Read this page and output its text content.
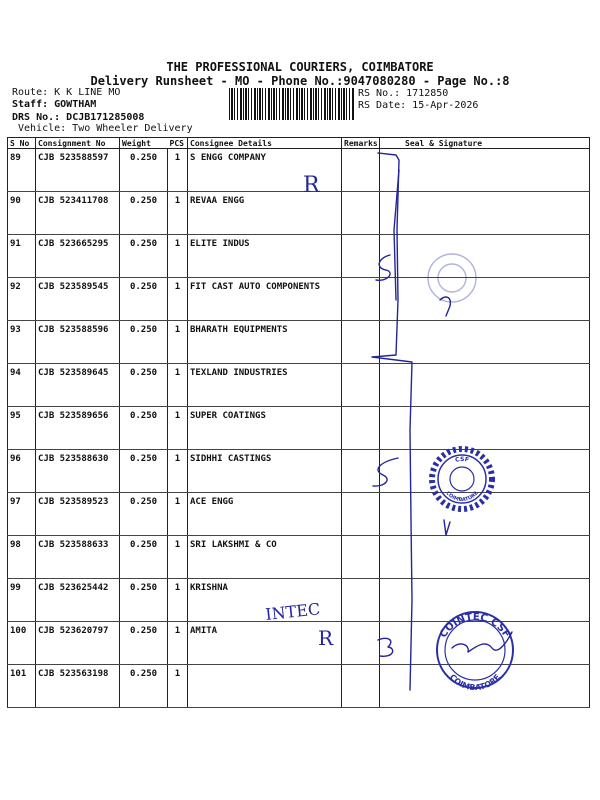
THE PROFESSIONAL COURIERS, COIMBATORE
Delivery Runsheet - MO - Phone No.:9047080280 - Page No.:8
Route: K K LINE MO
Staff: GOWTHAM
DRS No.: DCJB171285008
Vehicle: Two Wheeler Delivery
RS No.: 1712850
RS Date: 15-Apr-2026
S No	Consignment No	Weight	PCS	Consignee Details	Remarks	Seal & Signature
89	CJB 523588597	0.250	1	S ENGG COMPANY		
90	CJB 523411708	0.250	1	REVAA ENGG		
91	CJB 523665295	0.250	1	ELITE INDUS		
92	CJB 523589545	0.250	1	FIT CAST AUTO COMPONENTS		
93	CJB 523588596	0.250	1	BHARATH EQUIPMENTS		
94	CJB 523589645	0.250	1	TEXLAND INDUSTRIES		
95	CJB 523589656	0.250	1	SUPER COATINGS		
96	CJB 523588630	0.250	1	SIDHHI CASTINGS		
97	CJB 523589523	0.250	1	ACE ENGG		
98	CJB 523588633	0.250	1	SRI LAKSHMI & CO		
99	CJB 523625442	0.250	1	KRISHNA		
100	CJB 523620797	0.250	1	AMITA		
101	CJB 523563198	0.250	1			
R
INTEC
R
CSF
COIMBATORE
COINTEC CSF
COIMBATORE
